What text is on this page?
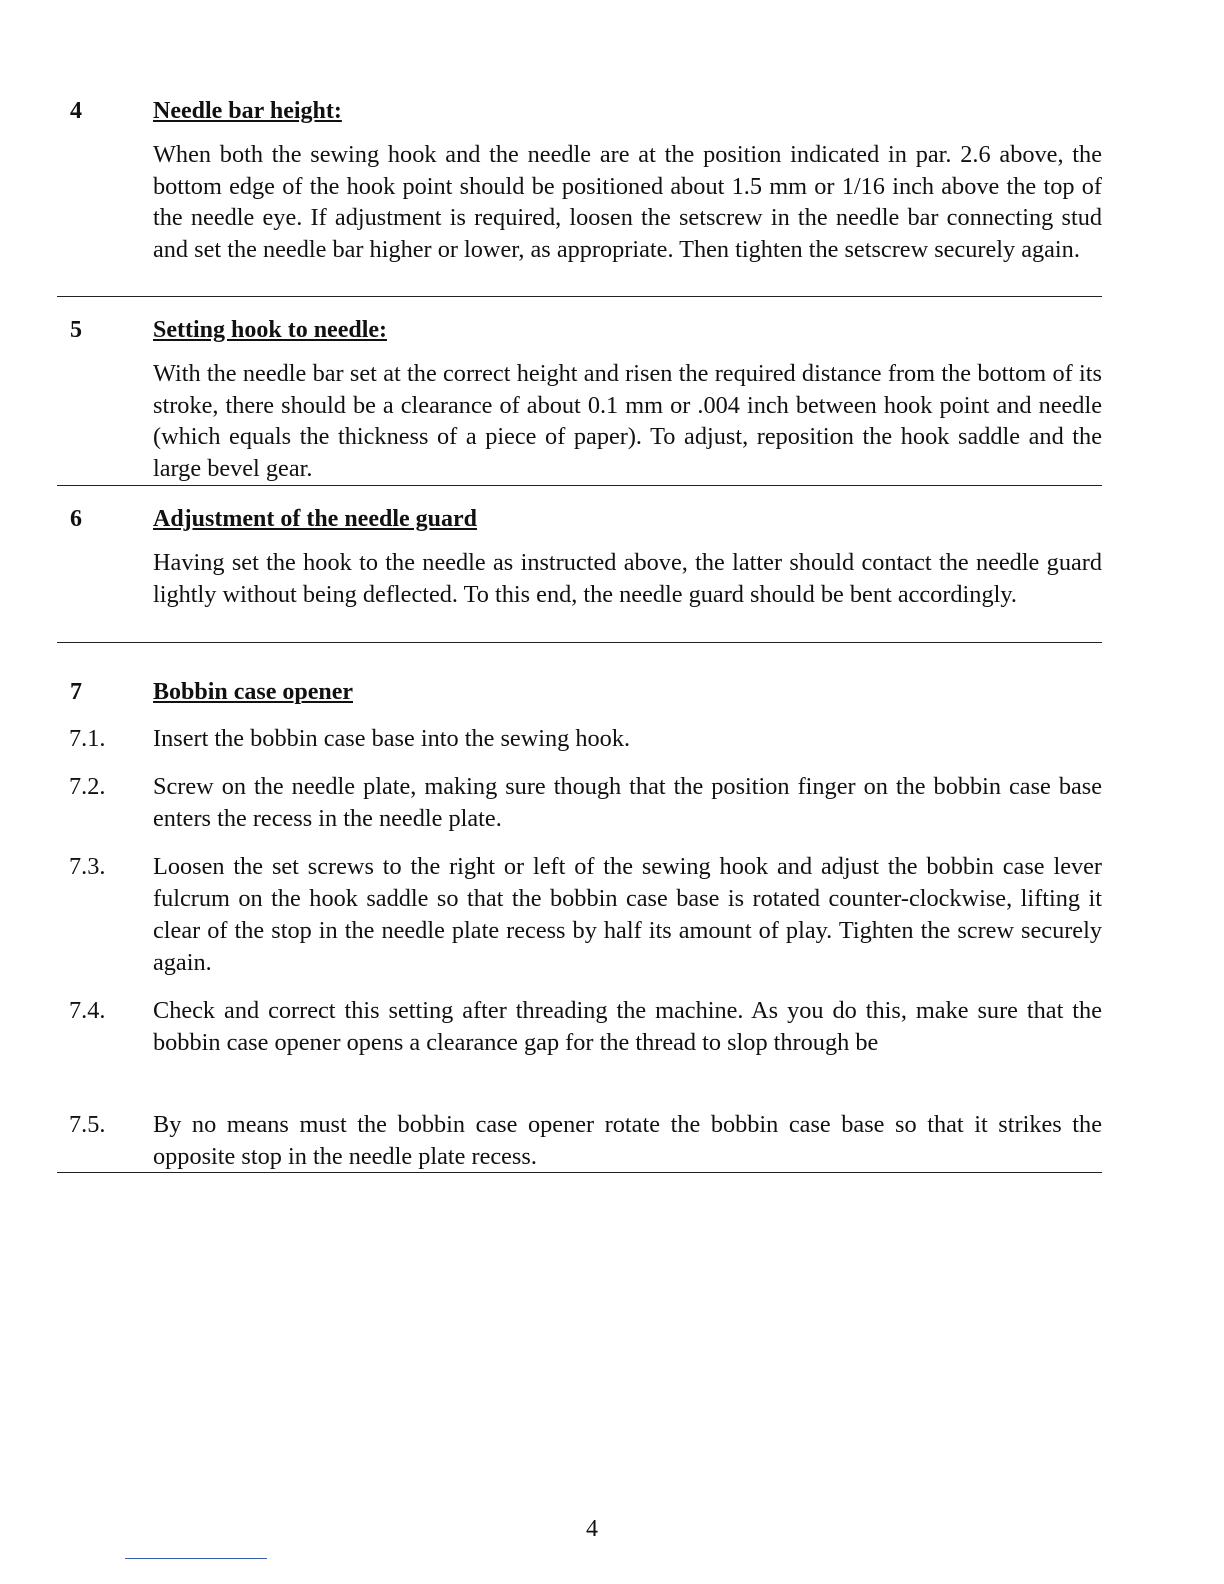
4	Needle bar height:
When both the sewing hook and the needle are at the position indicated in par. 2.6 above, the bottom edge of the hook point should be positioned about 1.5 mm or 1/16 inch above the top of the needle eye. If adjustment is required, loosen the setscrew in the needle bar connecting stud and set the needle bar higher or lower, as appropriate. Then tighten the setscrew securely again.
5	Setting hook to needle:
With the needle bar set at the correct height and risen the required distance from the bottom of its stroke, there should be a clearance of about 0.1 mm or .004 inch between hook point and needle (which equals the thickness of a piece of paper). To adjust, reposition the hook saddle and the large bevel gear.
6	Adjustment of the needle guard
Having set the hook to the needle as instructed above, the latter should contact the needle guard lightly without being deflected. To this end, the needle guard should be bent accordingly.
7	Bobbin case opener
7.1. Insert the bobbin case base into the sewing hook.
7.2. Screw on the needle plate, making sure though that the position finger on the bobbin case base enters the recess in the needle plate.
7.3. Loosen the set screws to the right or left of the sewing hook and adjust the bobbin case lever fulcrum on the hook saddle so that the bobbin case base is rotated counter-clockwise, lifting it clear of the stop in the needle plate recess by half its amount of play. Tighten the screw securely again.
7.4. Check and correct this setting after threading the machine. As you do this, make sure that the bobbin case opener opens a clearance gap for the thread to slop through be
7.5. By no means must the bobbin case opener rotate the bobbin case base so that it strikes the opposite stop in the needle plate recess.
4
